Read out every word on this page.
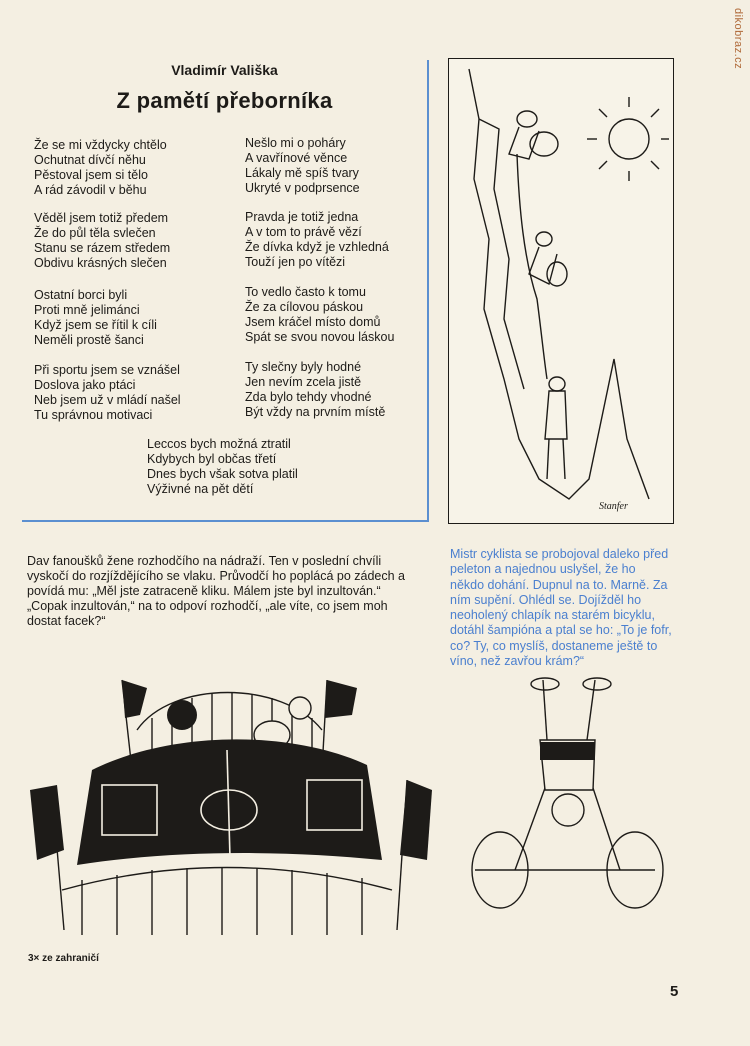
dikobraz.cz
Vladimír Vališka
Z pamětí přeborníka
Že se mi vždycky chtělo
Ochutnat dívčí něhu
Pěstoval jsem si tělo
A rád závodil v běhu
Věděl jsem totiž předem
Že do půl těla svlečen
Stanu se rázem středem
Obdivu krásných slečen
Ostatní borci byli
Proti mně jelimánci
Když jsem se řítil k cíli
Neměli prostě šanci
Při sportu jsem se vznášel
Doslova jako ptáci
Neb jsem už v mládí našel
Tu správnou motivaci
Nešlo mi o poháry
A vavřínové věnce
Lákaly mě spíš tvary
Ukryté v podprsence
Pravda je totiž jedna
A v tom to právě vězí
Že dívka když je vzhledná
Touží jen po vítězi
To vedlo často k tomu
Že za cílovou páskou
Jsem kráčel místo domů
Spát se svou novou láskou
Ty slečny byly hodné
Jen nevím zcela jistě
Zda bylo tehdy vhodné
Být vždy na prvním místě
Leccos bych možná ztratil
Kdybych byl občas třetí
Dnes bych však sotva platil
Výživné na pět dětí
Stanfer

Dav fanoušků žene rozhodčího na nádraží. Ten v poslední chvíli vyskočí do rozjíždějícího se vlaku. Průvodčí ho poplácá po zádech a povídá mu: „Měl jste zatraceně kliku. Málem jste byl inzultován.“ „Copak inzultován,“ na to odpoví rozhodčí, „ale víte, co jsem moh dostat facek?“

Mistr cyklista se probojoval daleko před peleton a najednou uslyšel, že ho někdo dohání. Dupnul na to. Marně. Za ním supění. Ohlédl se. Dojížděl ho neoholený chlapík na starém bicyklu, dotáhl šampióna a ptal se ho: „To je fofr, co? Ty, co myslíš, dostaneme ještě to víno, než zavřou krám?“

3× ze zahraničí
5
